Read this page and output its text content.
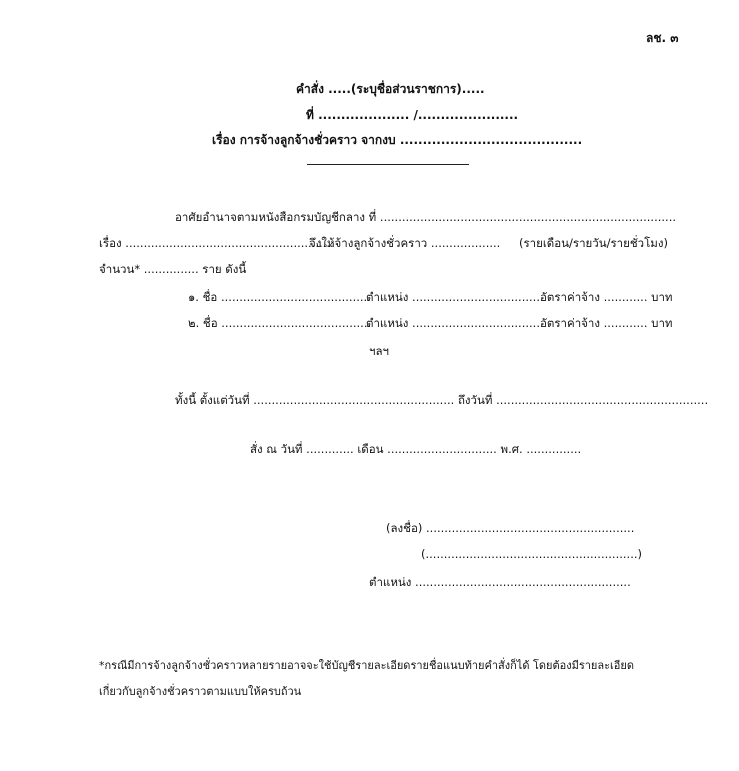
ลช. ๓
คำสั่ง .....(ระบุชื่อส่วนราชการ).....
ที่ .................... /......................
เรื่อง การจ้างลูกจ้างชั่วคราว จากงบ ........................................
อาศัยอำนาจตามหนังสือกรมบัญชีกลาง ที่ .................................................................................
เรื่อง .........................................................
จึงให้จ้างลูกจ้างชั่วคราว ................... (รายเดือน/รายวัน/รายชั่วโมง)
จำนวน* ............... ราย ดังนี้
๑. ชื่อ .........................................
ตำแหน่ง ....................................
อัตราค่าจ้าง ............ บาท
๒. ชื่อ .........................................
ตำแหน่ง ....................................
อัตราค่าจ้าง ............ บาท
ฯลฯ
ทั้งนี้ ตั้งแต่วันที่ ....................................................... ถึงวันที่ ..........................................................
สั่ง ณ วันที่ ............. เดือน .............................. พ.ศ. ...............
(ลงชื่อ) .........................................................
(..........................................................)
ตำแหน่ง ...........................................................
*กรณีมีการจ้างลูกจ้างชั่วคราวหลายรายอาจจะใช้บัญชีรายละเอียดรายชื่อแนบท้ายคำสั่งก็ได้ โดยต้องมีรายละเอียด
เกี่ยวกับลูกจ้างชั่วคราวตามแบบให้ครบถ้วน
